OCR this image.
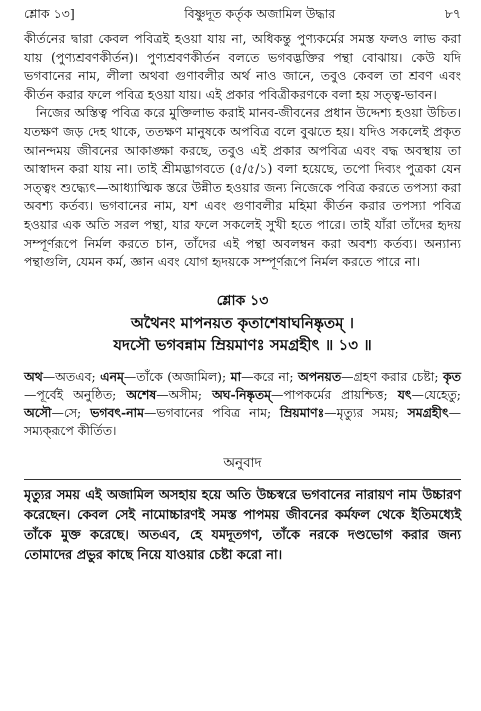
শ্লোক ১৩]	বিষ্ণুদূত কর্তৃক অজামিল উদ্ধার	৮৭

কীর্তনের দ্বারা কেবল পবিত্রই হওয়া যায় না, অধিকন্তু পুণ্যকর্মের সমস্ত ফলও লাভ করা যায় (পুণ্যশ্রবণকীর্তন)। পুণ্যশ্রবণকীর্তন বলতে ভগবদ্ভক্তির পন্থা বোঝায়। কেউ যদি ভগবানের নাম, লীলা অথবা গুণাবলীর অর্থ নাও জানে, তবুও কেবল তা শ্রবণ এবং কীর্তন করার ফলে পবিত্র হওয়া যায়। এই প্রকার পবিত্রীকরণকে বলা হয় সত্ত্ব-ভাবন।

নিজের অস্তিত্ব পবিত্র করে মুক্তিলাভ করাই মানব-জীবনের প্রধান উদ্দেশ্য হওয়া উচিত। যতক্ষণ জড় দেহ থাকে, ততক্ষণ মানুষকে অপবিত্র বলে বুঝতে হয়। যদিও সকলেই প্রকৃত আনন্দময় জীবনের আকাঙ্ক্ষা করছে, তবুও এই প্রকার অপবিত্র এবং বদ্ধ অবস্থায় তা আস্বাদন করা যায় না। তাই শ্রীমদ্ভাগবতে (৫/৫/১) বলা হয়েছে, তপো দিব্যং পুত্রকা যেন সত্ত্বং শুদ্ধ্যেৎ—আধ্যাত্মিক স্তরে উন্নীত হওয়ার জন্য নিজেকে পবিত্র করতে তপস্যা করা অবশ্য কর্তব্য। ভগবানের নাম, যশ এবং গুণাবলীর মহিমা কীর্তন করার তপস্যা পবিত্র হওয়ার এক অতি সরল পন্থা, যার ফলে সকলেই সুখী হতে পারে। তাই যাঁরা তাঁদের হৃদয় সম্পূর্ণরূপে নির্মল করতে চান, তাঁদের এই পন্থা অবলম্বন করা অবশ্য কর্তব্য। অন্যান্য পন্থাগুলি, যেমন কর্ম, জ্ঞান এবং যোগ হৃদয়কে সম্পূর্ণরূপে নির্মল করতে পারে না।

শ্লোক ১৩
অথৈনং মাপনয়ত কৃতাশেষাঘনিষ্কৃতম্ ।
যদসৌ ভগবন্নাম ম্রিয়মাণঃ সমগ্রহীৎ ॥ ১৩ ॥
অথ—অতএব; এনম্—তাঁকে (অজামিল); মা—করে না; অপনয়ত—গ্রহণ করার চেষ্টা; কৃত—পূর্বেই অনুষ্ঠিত; অশেষ—অসীম; অঘ-নিষ্কৃতম্—পাপকর্মের প্রায়শ্চিত্ত; যৎ—যেহেতু; অসৌ—সে; ভগবৎ-নাম—ভগবানের পবিত্র নাম; ম্রিয়মাণঃ—মৃত্যুর সময়; সমগ্রহীৎ—সম্যক্‌রূপে কীর্তিত।
অনুবাদ
মৃত্যুর সময় এই অজামিল অসহায় হয়ে অতি উচ্চস্বরে ভগবানের নারায়ণ নাম উচ্চারণ করেছেন। কেবল সেই নামোচ্চারণই সমস্ত পাপময় জীবনের কর্মফল থেকে ইতিমধ্যেই তাঁকে মুক্ত করেছে। অতএব, হে যমদূতগণ, তাঁকে নরকে দণ্ডভোগ করার জন্য তোমাদের প্রভুর কাছে নিয়ে যাওয়ার চেষ্টা করো না।
